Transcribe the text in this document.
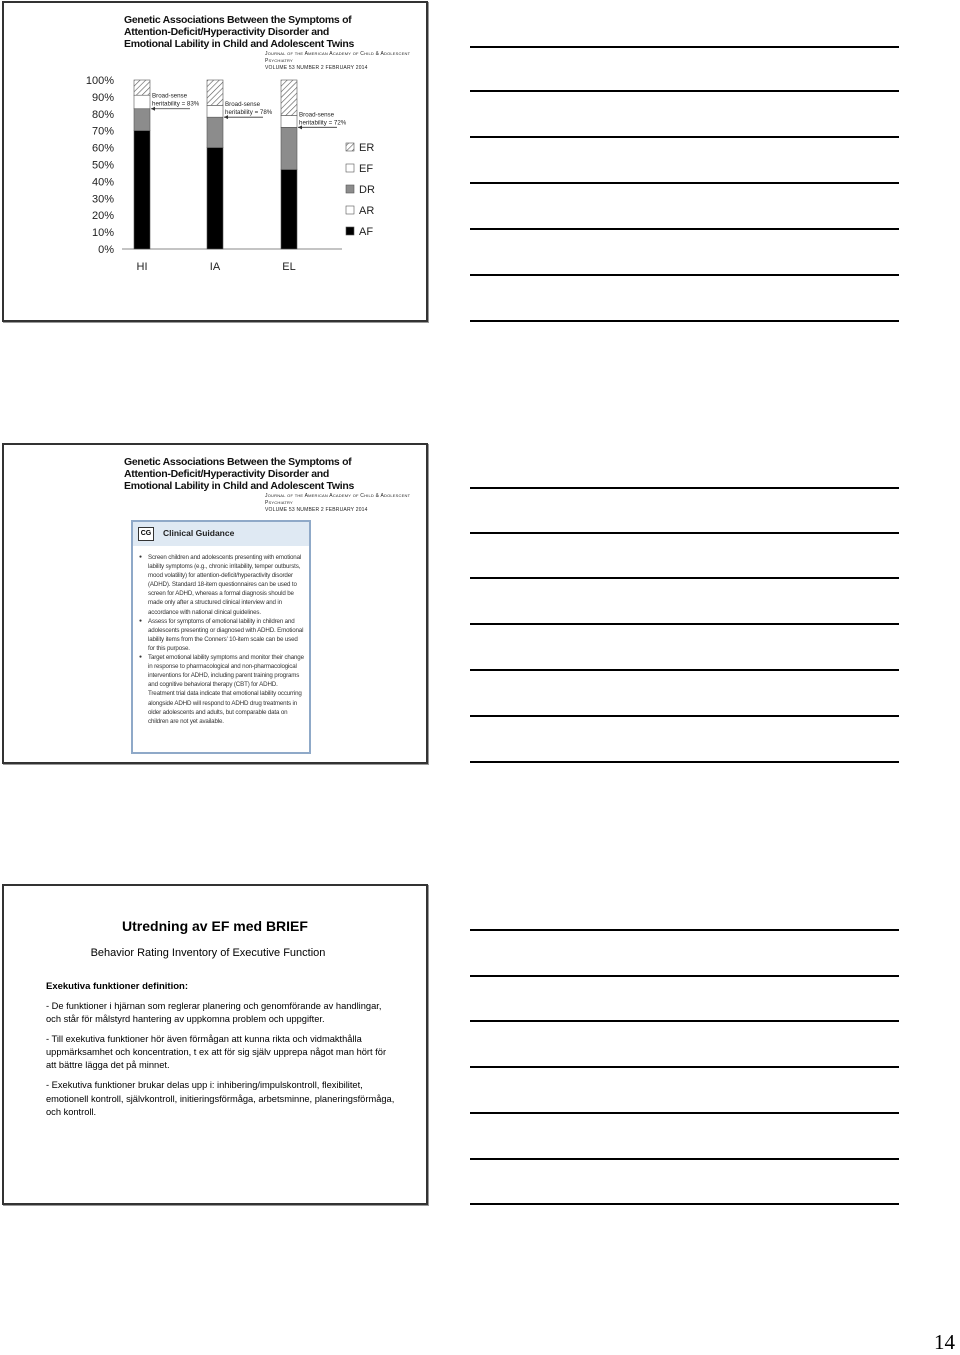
Genetic Associations Between the Symptoms of
Attention-Deficit/Hyperactivity Disorder and
Emotional Lability in Child and Adolescent Twins
Journal of the American Academy of Child & Adolescent Psychiatry
VOLUME 53 NUMBER 2 FEBRUARY 2014
0%
10%
20%
30%
40%
50%
60%
70%
80%
90%
100%
HI	IA	EL
Broad-sense
heritability = 83%	Broad-sense
heritability = 78%	Broad-sense
heritability = 72%
ER
EF
DR
AR
AF
Genetic Associations Between the Symptoms of
Attention-Deficit/Hyperactivity Disorder and
Emotional Lability in Child and Adolescent Twins
Journal of the American Academy of Child & Adolescent Psychiatry
VOLUME 53 NUMBER 2 FEBRUARY 2014
CG	Clinical Guidance
● Screen children and adolescents presenting with emotional lability symptoms (e.g., chronic irritability, temper outbursts, mood volatility) for attention-deficit/hyperactivity disorder (ADHD). Standard 18-item questionnaires can be used to screen for ADHD, whereas a formal diagnosis should be made only after a structured clinical interview and in accordance with national clinical guidelines.
● Assess for symptoms of emotional lability in children and adolescents presenting or diagnosed with ADHD. Emotional lability items from the Conners' 10-item scale can be used for this purpose.
● Target emotional lability symptoms and monitor their change in response to pharmacological and non-pharmacological interventions for ADHD, including parent training programs and cognitive behavioral therapy (CBT) for ADHD. Treatment trial data indicate that emotional lability occurring alongside ADHD will respond to ADHD drug treatments in older adolescents and adults, but comparable data on children are not yet available.
Utredning av EF med BRIEF
Behavior Rating Inventory of Executive Function
Exekutiva funktioner definition:

- De funktioner i hjärnan som reglerar planering och genomförande av handlingar, och står för målstyrd hantering av uppkomna problem och uppgifter.

- Till exekutiva funktioner hör även förmågan att kunna rikta och vidmakthålla uppmärksamhet och koncentration, t ex att för sig själv upprepa något man hört för att bättre lägga det på minnet.

- Exekutiva funktioner brukar delas upp i: inhibering/impulskontroll, flexibilitet, emotionell kontroll, självkontroll, initieringsförmåga, arbetsminne, planeringsförmåga, och kontroll.

14
